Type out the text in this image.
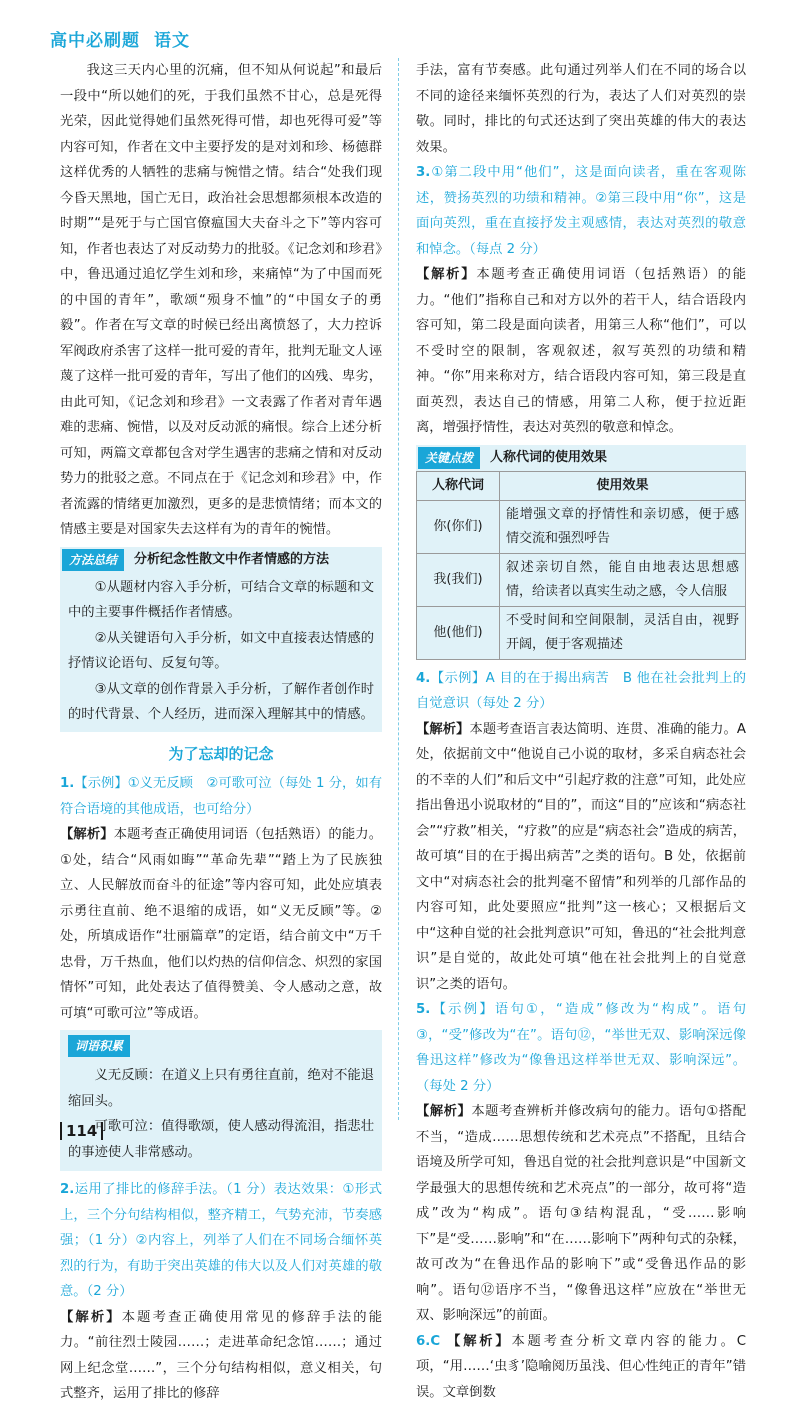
高中必刷题 语文

我这三天内心里的沉痛，但不知从何说起”和最后一段中“所以她们的死，于我们虽然不甘心，总是死得光荣，因此觉得她们虽然死得可惜，却也死得可爱”等内容可知，作者在文中主要抒发的是对刘和珍、杨德群这样优秀的人牺牲的悲痛与惋惜之情。结合“处我们现今昏天黑地，国亡无日，政治社会思想都须根本改造的时期”“是死于与亡国官僚瘟国大夫奋斗之下”等内容可知，作者也表达了对反动势力的批驳。《记念刘和珍君》中，鲁迅通过追忆学生刘和珍，来痛悼“为了中国而死的中国的青年”，歌颂“殒身不恤”的“中国女子的勇毅”。作者在写文章的时候已经出离愤怒了，大力控诉军阀政府杀害了这样一批可爱的青年，批判无耻文人诬蔑了这样一批可爱的青年，写出了他们的凶残、卑劣，由此可知，《记念刘和珍君》一文表露了作者对青年遇难的悲痛、惋惜，以及对反动派的痛恨。综合上述分析可知，两篇文章都包含对学生遇害的悲痛之情和对反动势力的批驳之意。不同点在于《记念刘和珍君》中，作者流露的情绪更加激烈，更多的是悲愤情绪；而本文的情感主要是对国家失去这样有为的青年的惋惜。

方法总结	分析纪念性散文中作者情感的方法

①从题材内容入手分析，可结合文章的标题和文中的主要事件概括作者情感。

②从关键语句入手分析，如文中直接表达情感的抒情议论语句、反复句等。

③从文章的创作背景入手分析，了解作者创作时的时代背景、个人经历，进而深入理解其中的情感。

为了忘却的记念

1.【示例】①义无反顾　②可歌可泣（每处 1 分，如有符合语境的其他成语，也可给分）

【解析】本题考查正确使用词语（包括熟语）的能力。①处，结合“风雨如晦”“革命先辈”“踏上为了民族独立、人民解放而奋斗的征途”等内容可知，此处应填表示勇往直前、绝不退缩的成语，如“义无反顾”等。②处，所填成语作“壮丽篇章”的定语，结合前文中“万千忠骨，万千热血，他们以灼热的信仰信念、炽烈的家国情怀”可知，此处表达了值得赞美、令人感动之意，故可填“可歌可泣”等成语。

词语积累

义无反顾：在道义上只有勇往直前，绝对不能退缩回头。

可歌可泣：值得歌颂，使人感动得流泪，指悲壮的事迹使人非常感动。

2.运用了排比的修辞手法。（1 分）表达效果：①形式上，三个分句结构相似，整齐精工，气势充沛，节奏感强；（1 分）②内容上，列举了人们在不同场合缅怀英烈的行为，有助于突出英雄的伟大以及人们对英雄的敬意。（2 分）

【解析】本题考查正确使用常见的修辞手法的能力。“前往烈士陵园……；走进革命纪念馆……；通过网上纪念堂……”，三个分句结构相似，意义相关，句式整齐，运用了排比的修辞

手法，富有节奏感。此句通过列举人们在不同的场合以不同的途径来缅怀英烈的行为，表达了人们对英烈的崇敬。同时，排比的句式还达到了突出英雄的伟大的表达效果。

3.①第二段中用“他们”，这是面向读者，重在客观陈述，赞扬英烈的功绩和精神。②第三段中用“你”，这是面向英烈，重在直接抒发主观感情，表达对英烈的敬意和悼念。（每点 2 分）

【解析】本题考查正确使用词语（包括熟语）的能力。“他们”指称自己和对方以外的若干人，结合语段内容可知，第二段是面向读者，用第三人称“他们”，可以不受时空的限制，客观叙述，叙写英烈的功绩和精神。“你”用来称对方，结合语段内容可知，第三段是直面英烈，表达自己的情感，用第二人称，便于拉近距离，增强抒情性，表达对英烈的敬意和悼念。

关键点拨	人称代词的使用效果
人称代词	使用效果
你(你们)	能增强文章的抒情性和亲切感，便于感情交流和强烈呼告
我(我们)	叙述亲切自然，能自由地表达思想感情，给读者以真实生动之感，令人信服
他(他们)	不受时间和空间限制，灵活自由，视野开阔，便于客观描述

4.【示例】A 目的在于揭出病苦　B 他在社会批判上的自觉意识（每处 2 分）

【解析】本题考查语言表达简明、连贯、准确的能力。A 处，依据前文中“他说自己小说的取材，多采自病态社会的不幸的人们”和后文中“引起疗救的注意”可知，此处应指出鲁迅小说取材的“目的”，而这“目的”应该和“病态社会”“疗救”相关，“疗救”的应是“病态社会”造成的病苦，故可填“目的在于揭出病苦”之类的语句。B 处，依据前文中“对病态社会的批判毫不留情”和列举的几部作品的内容可知，此处要照应“批判”这一核心；又根据后文中“这种自觉的社会批判意识”可知，鲁迅的“社会批判意识”是自觉的，故此处可填“他在社会批判上的自觉意识”之类的语句。

5.【示例】语句①，“造成”修改为“构成”。语句③，“受”修改为“在”。语句⑫，“举世无双、影响深远像鲁迅这样”修改为“像鲁迅这样举世无双、影响深远”。（每处 2 分）

【解析】本题考查辨析并修改病句的能力。语句①搭配不当，“造成……思想传统和艺术亮点”不搭配，且结合语境及所学可知，鲁迅自觉的社会批判意识是“中国新文学最强大的思想传统和艺术亮点”的一部分，故可将“造成”改为“构成”。语句③结构混乱，“受……影响下”是“受……影响”和“在……影响下”两种句式的杂糅，故可改为“在鲁迅作品的影响下”或“受鲁迅作品的影响”。语句⑫语序不当，“像鲁迅这样”应放在“举世无双、影响深远”的前面。

6.C 【解析】本题考查分析文章内容的能力。C 项，“用……‘虫豸’隐喻阅历虽浅、但心性纯正的青年”错误。文章倒数

114
